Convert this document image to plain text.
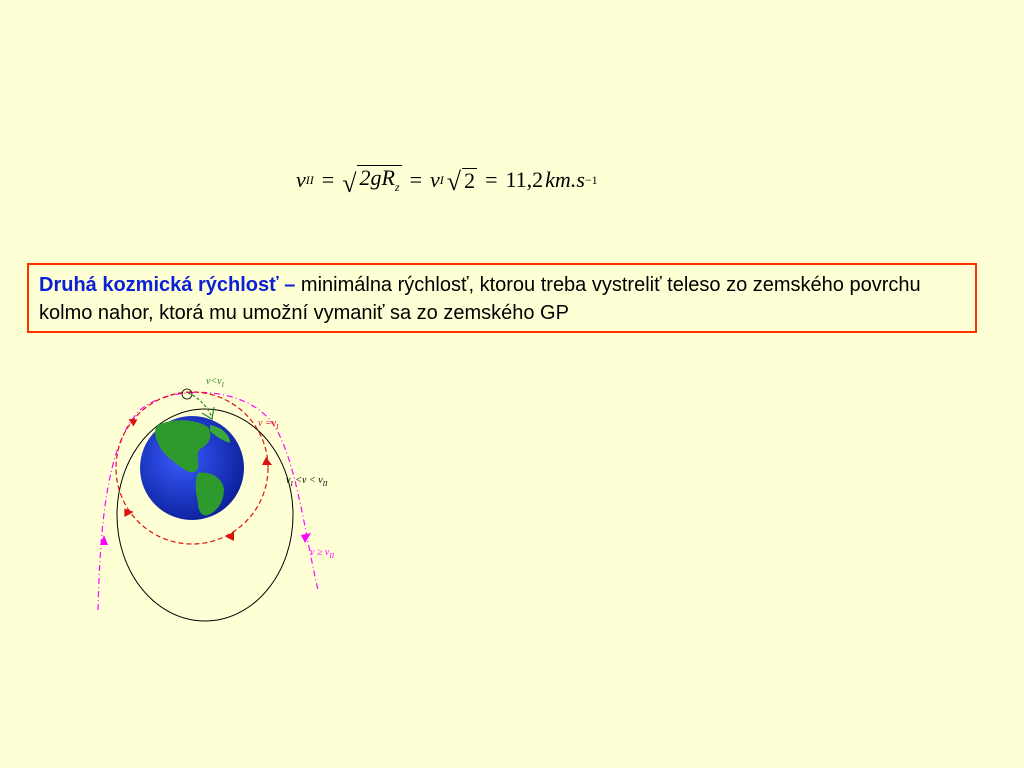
v II = √ $2gR_z = v$ I √ 2 = 11,2 km.s −1
Druhá kozmická rýchlosť – minimálna rýchlosť, ktorou treba vystreliť teleso zo zemského povrchu kolmo nahor, ktorá mu umožní vymaniť sa zo zemského GP
$v<v_I$
$v =v_I$
$v_I <v < v_{II}$
$v \ge v_{II}$
